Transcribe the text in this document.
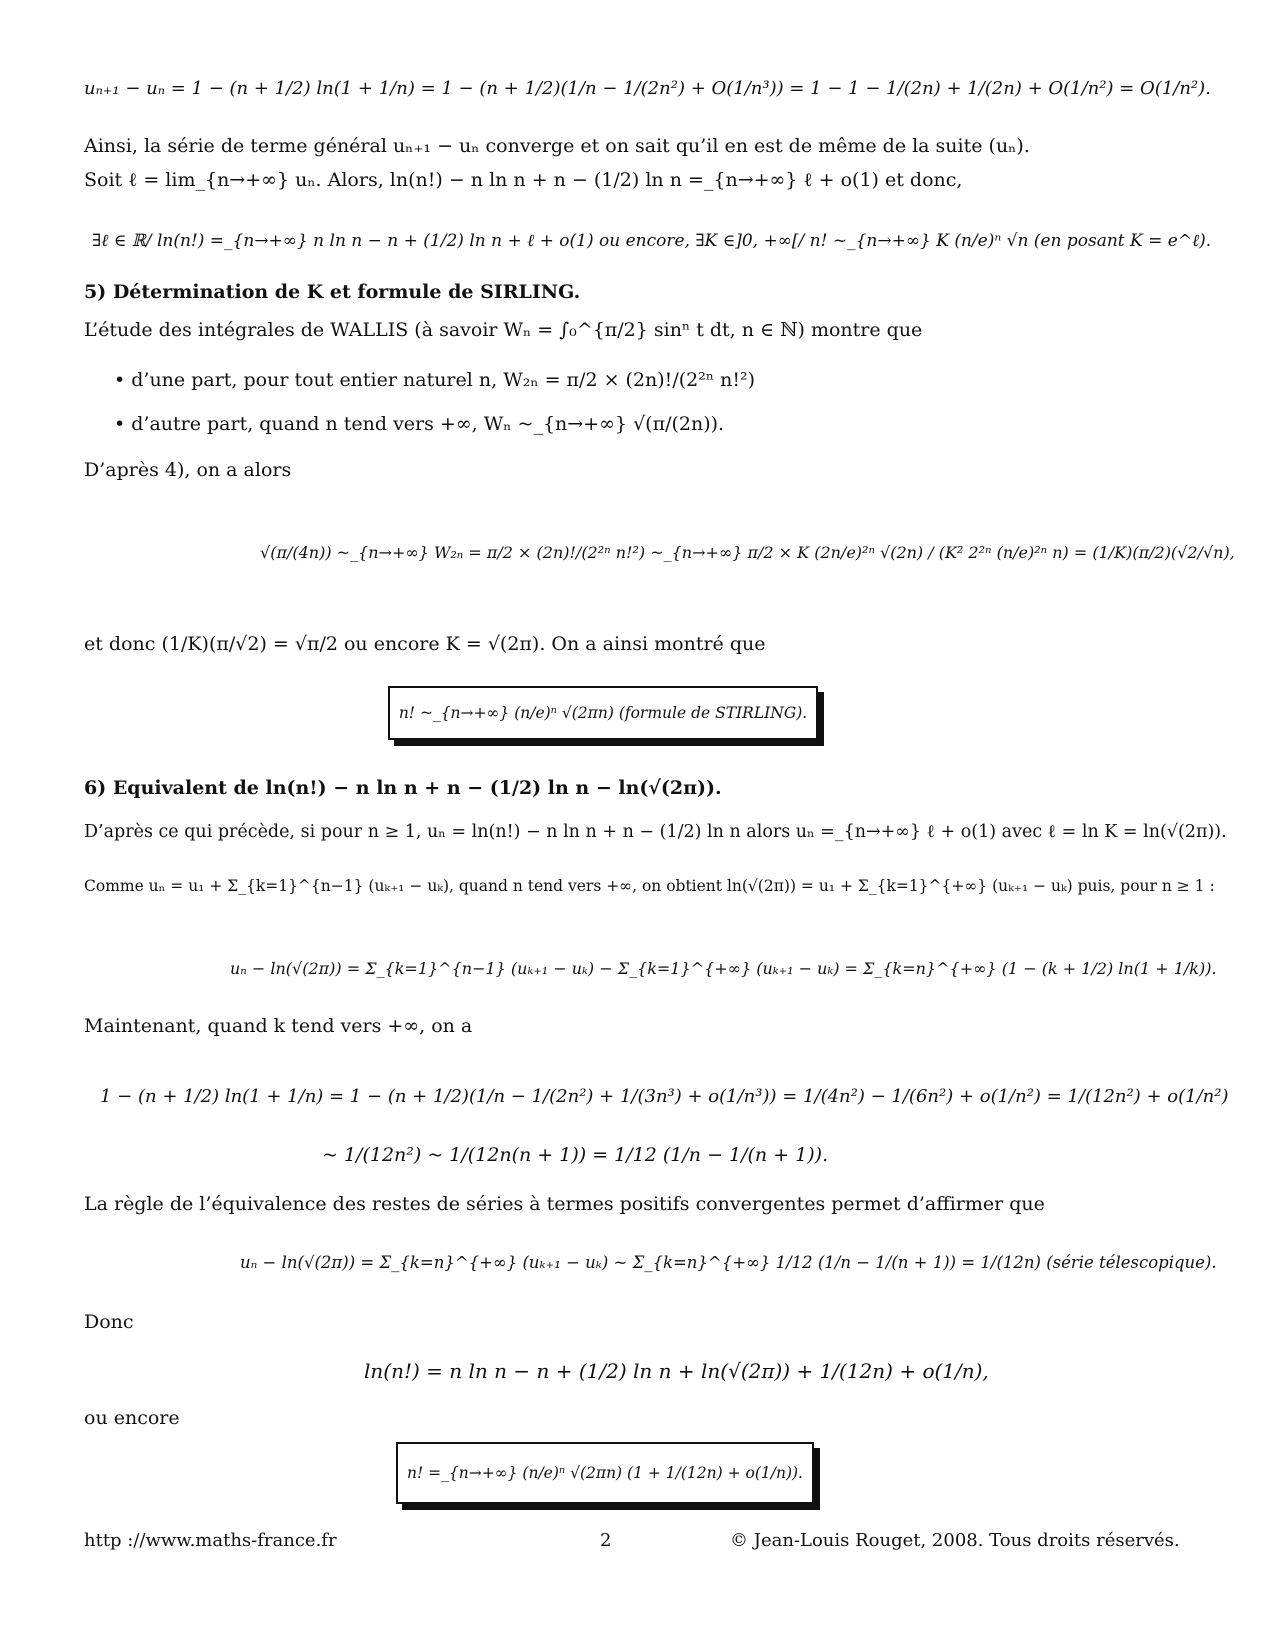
uₙ₊₁ − uₙ = 1 − (n + 1/2) ln(1 + 1/n) = 1 − (n + 1/2)(1/n − 1/(2n²) + O(1/n³)) = 1 − 1 − 1/(2n) + 1/(2n) + O(1/n²) = O(1/n²).
Ainsi, la série de terme général uₙ₊₁ − uₙ converge et on sait qu’il en est de même de la suite (uₙ).
Soit ℓ = lim_{n→+∞} uₙ. Alors, ln(n!) − n ln n + n − (1/2) ln n =_{n→+∞} ℓ + o(1) et donc,
∃ℓ ∈ ℝ/ ln(n!) =_{n→+∞} n ln n − n + (1/2) ln n + ℓ + o(1) ou encore, ∃K ∈]0, +∞[/ n! ~_{n→+∞} K (n/e)ⁿ √n (en posant K = e^ℓ).
5) Détermination de K et formule de SIRLING.
L’étude des intégrales de WALLIS (à savoir Wₙ = ∫₀^{π/2} sinⁿ t dt, n ∈ ℕ) montre que
• d’une part, pour tout entier naturel n, W₂ₙ = π/2 × (2n)!/(2²ⁿ n!²)
• d’autre part, quand n tend vers +∞, Wₙ ~_{n→+∞} √(π/(2n)).
D’après 4), on a alors
√(π/(4n)) ~_{n→+∞} W₂ₙ = π/2 × (2n)!/(2²ⁿ n!²) ~_{n→+∞} π/2 × K (2n/e)²ⁿ √(2n) / (K² 2²ⁿ (n/e)²ⁿ n) = (1/K)(π/2)(√2/√n),
et donc (1/K)(π/√2) = √π/2 ou encore K = √(2π). On a ainsi montré que
n! ~_{n→+∞} (n/e)ⁿ √(2πn) (formule de STIRLING).
6) Equivalent de ln(n!) − n ln n + n − (1/2) ln n − ln(√(2π)).
D’après ce qui précède, si pour n ≥ 1, uₙ = ln(n!) − n ln n + n − (1/2) ln n alors uₙ =_{n→+∞} ℓ + o(1) avec ℓ = ln K = ln(√(2π)).
Comme uₙ = u₁ + Σ_{k=1}^{n−1} (uₖ₊₁ − uₖ), quand n tend vers +∞, on obtient ln(√(2π)) = u₁ + Σ_{k=1}^{+∞} (uₖ₊₁ − uₖ) puis, pour n ≥ 1 :
uₙ − ln(√(2π)) = Σ_{k=1}^{n−1} (uₖ₊₁ − uₖ) − Σ_{k=1}^{+∞} (uₖ₊₁ − uₖ) = Σ_{k=n}^{+∞} (1 − (k + 1/2) ln(1 + 1/k)).
Maintenant, quand k tend vers +∞, on a
1 − (n + 1/2) ln(1 + 1/n) = 1 − (n + 1/2)(1/n − 1/(2n²) + 1/(3n³) + o(1/n³)) = 1/(4n²) − 1/(6n²) + o(1/n²) = 1/(12n²) + o(1/n²)
~ 1/(12n²) ~ 1/(12n(n + 1)) = 1/12 (1/n − 1/(n + 1)).
La règle de l’équivalence des restes de séries à termes positifs convergentes permet d’affirmer que
uₙ − ln(√(2π)) = Σ_{k=n}^{+∞} (uₖ₊₁ − uₖ) ~ Σ_{k=n}^{+∞} 1/12 (1/n − 1/(n + 1)) = 1/(12n) (série télescopique).
Donc
ln(n!) = n ln n − n + (1/2) ln n + ln(√(2π)) + 1/(12n) + o(1/n),
ou encore
n! =_{n→+∞} (n/e)ⁿ √(2πn) (1 + 1/(12n) + o(1/n)).
http ://www.maths-france.fr	2	© Jean-Louis Rouget, 2008. Tous droits réservés.
